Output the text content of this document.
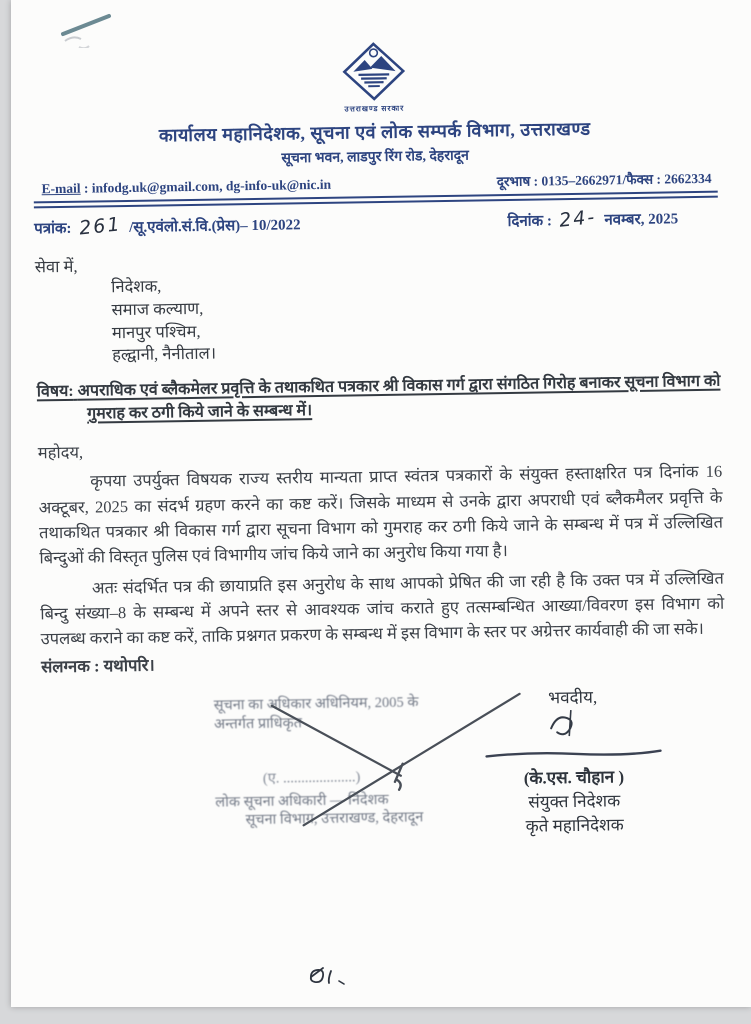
उत्तराखण्ड सरकार
कार्यालय महानिदेशक, सूचना एवं लोक सम्पर्क विभाग, उत्तराखण्ड
सूचना भवन, लाडपुर रिंग रोड, देहरादून
E-mail : infodg.uk@gmail.com, dg-info-uk@nic.in	दूरभाष : 0135–2662971/फैक्स : 2662334
पत्रांक: 261 /सू.एवंलो.सं.वि.(प्रेस)– 10/2022	दिनांक : 24- नवम्बर, 2025
सेवा में,
निदेशक,
समाज कल्याण,
मानपुर पश्चिम,
हल्द्वानी, नैनीताल।
विषय: अपराधिक एवं ब्लैकमेलर प्रवृत्ति के तथाकथित पत्रकार श्री विकास गर्ग द्वारा संगठित गिरोह बनाकर सूचना विभाग को गुमराह कर ठगी किये जाने के सम्बन्ध में।
महोदय,

कृपया उपर्युक्त विषयक राज्य स्तरीय मान्यता प्राप्त स्वंतत्र पत्रकारों के संयुक्त हस्ताक्षरित पत्र दिनांक 16 अक्टूबर, 2025 का संदर्भ ग्रहण करने का कष्ट करें। जिसके माध्यम से उनके द्वारा अपराधी एवं ब्लैकमैलर प्रवृत्ति के तथाकथित पत्रकार श्री विकास गर्ग द्वारा सूचना विभाग को गुमराह कर ठगी किये जाने के सम्बन्ध में पत्र में उल्लिखित बिन्दुओं की विस्तृत पुलिस एवं विभागीय जांच किये जाने का अनुरोध किया गया है।

अतः संदर्भित पत्र की छायाप्रति इस अनुरोध के साथ आपको प्रेषित की जा रही है कि उक्त पत्र में उल्लिखित बिन्दु संख्या–8 के सम्बन्ध में अपने स्तर से आवश्यक जांच कराते हुए तत्सम्बन्धित आख्या/विवरण इस विभाग को उपलब्ध कराने का कष्ट करें, ताकि प्रश्नगत प्रकरण के सम्बन्ध में इस विभाग के स्तर पर अग्रेत्तर कार्यवाही की जा सके।

संलग्नक : यथोपरि।
सूचना का अधिकार अधिनियम, 2005 के
अन्तर्गत प्राधिकृत
(ए. ....................)
लोक सूचना अधिकारी –– निदेशक
सूचना विभाग, उत्तराखण्ड, देहरादून
भवदीय,

(के.एस. चौहान )
संयुक्त निदेशक
कृते महानिदेशक
